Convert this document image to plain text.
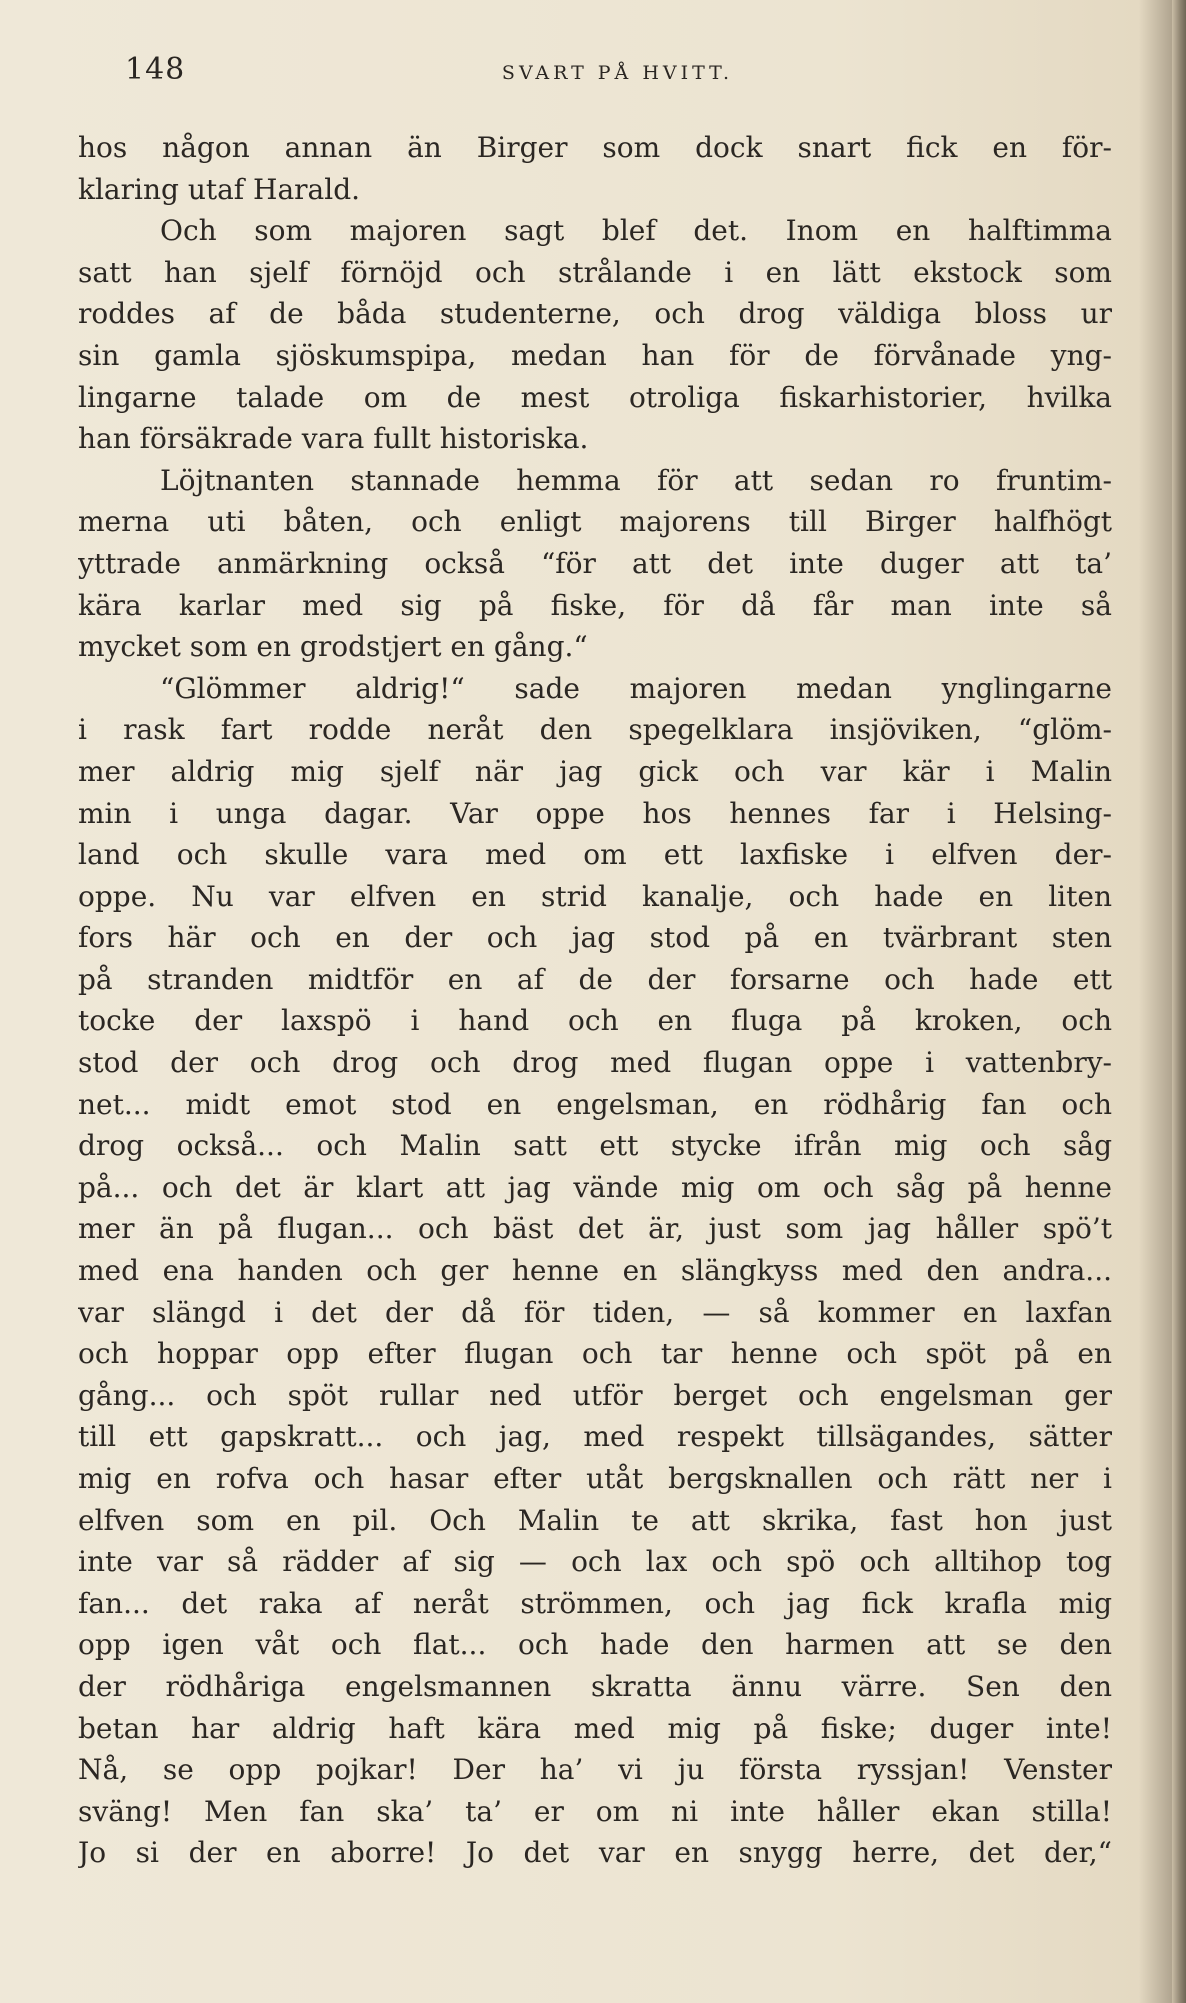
148	SVART PÅ HVITT.
hos någon annan än Birger som dock snart fick en för-
klaring utaf Harald.
Och som majoren sagt blef det. Inom en halftimma
satt han sjelf förnöjd och strålande i en lätt ekstock som
roddes af de båda studenterne, och drog väldiga bloss ur
sin gamla sjöskumspipa, medan han för de förvånade yng-
lingarne talade om de mest otroliga fiskarhistorier, hvilka
han försäkrade vara fullt historiska.
Löjtnanten stannade hemma för att sedan ro fruntim-
merna uti båten, och enligt majorens till Birger halfhögt
yttrade anmärkning också “för att det inte duger att ta’
kära karlar med sig på fiske, för då får man inte så
mycket som en grodstjert en gång.“
“Glömmer aldrig!“ sade majoren medan ynglingarne
i rask fart rodde neråt den spegelklara insjöviken, “glöm-
mer aldrig mig sjelf när jag gick och var kär i Malin
min i unga dagar. Var oppe hos hennes far i Helsing-
land och skulle vara med om ett laxfiske i elfven der-
oppe. Nu var elfven en strid kanalje, och hade en liten
fors här och en der och jag stod på en tvärbrant sten
på stranden midtför en af de der forsarne och hade ett
tocke der laxspö i hand och en fluga på kroken, och
stod der och drog och drog med flugan oppe i vattenbry-
net... midt emot stod en engelsman, en rödhårig fan och
drog också... och Malin satt ett stycke ifrån mig och såg
på... och det är klart att jag vände mig om och såg på henne
mer än på flugan... och bäst det är, just som jag håller spö’t
med ena handen och ger henne en slängkyss med den andra...
var slängd i det der då för tiden, — så kommer en laxfan
och hoppar opp efter flugan och tar henne och spöt på en
gång... och spöt rullar ned utför berget och engelsman ger
till ett gapskratt... och jag, med respekt tillsägandes, sätter
mig en rofva och hasar efter utåt bergsknallen och rätt ner i
elfven som en pil. Och Malin te att skrika, fast hon just
inte var så rädder af sig — och lax och spö och alltihop tog
fan... det raka af neråt strömmen, och jag fick krafla mig
opp igen våt och flat... och hade den harmen att se den
der rödhåriga engelsmannen skratta ännu värre. Sen den
betan har aldrig haft kära med mig på fiske; duger inte!
Nå, se opp pojkar! Der ha’ vi ju första ryssjan! Venster
sväng! Men fan ska’ ta’ er om ni inte håller ekan stilla!
Jo si der en aborre! Jo det var en snygg herre, det der,“
